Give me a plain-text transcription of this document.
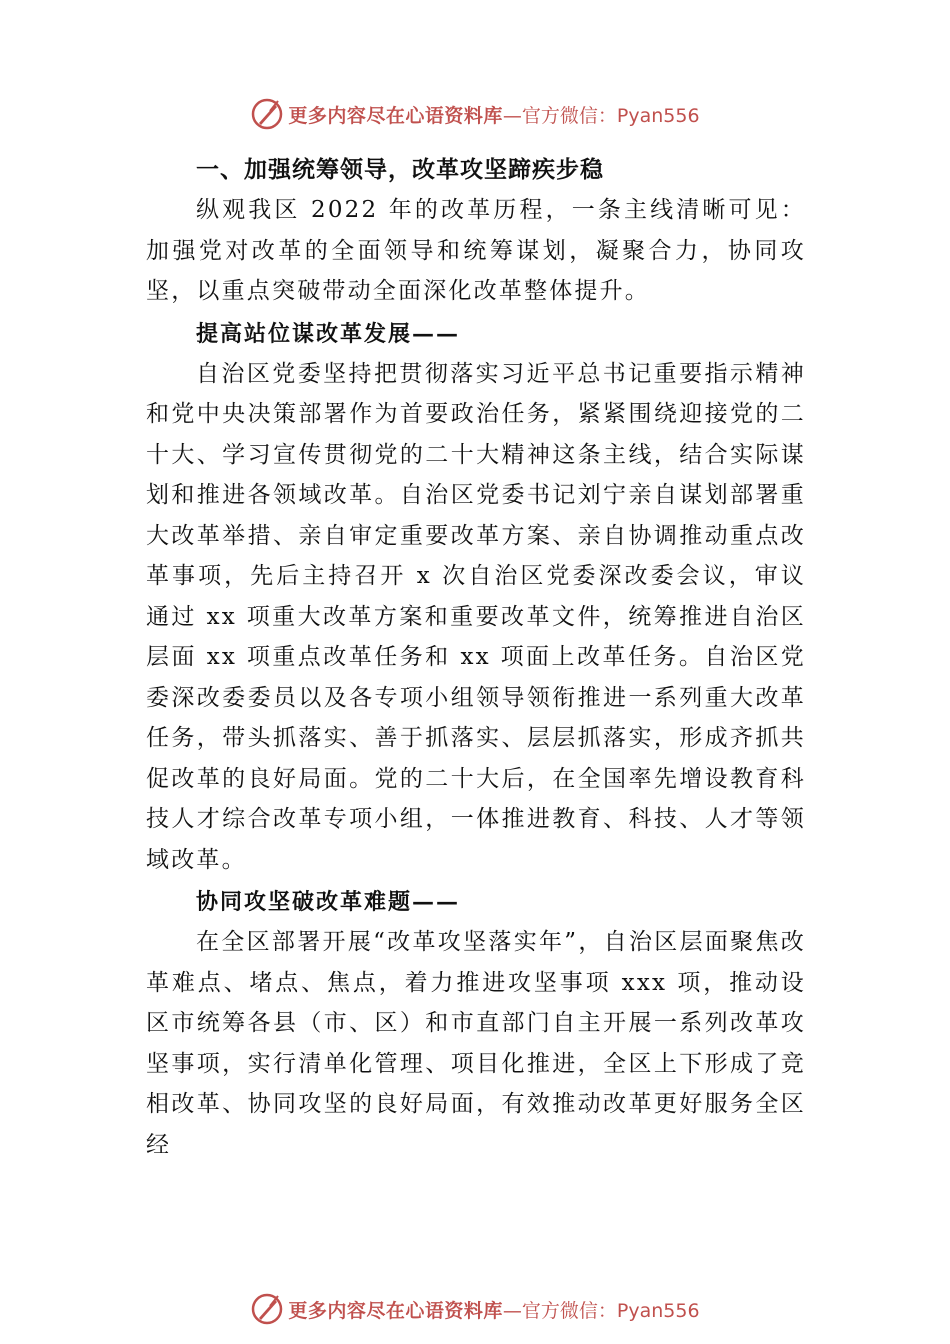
更多内容尽在心语资料库 —官方微信：Pyan556

一、加强统筹领导，改革攻坚蹄疾步稳

纵观我区 2022 年的改革历程，一条主线清晰可见：加强党对改革的全面领导和统筹谋划，凝聚合力，协同攻坚，以重点突破带动全面深化改革整体提升。

提高站位谋改革发展——

自治区党委坚持把贯彻落实习近平总书记重要指示精神和党中央决策部署作为首要政治任务，紧紧围绕迎接党的二十大、学习宣传贯彻党的二十大精神这条主线，结合实际谋划和推进各领域改革。自治区党委书记刘宁亲自谋划部署重大改革举措、亲自审定重要改革方案、亲自协调推动重点改革事项，先后主持召开 x 次自治区党委深改委会议，审议通过 xx 项重大改革方案和重要改革文件，统筹推进自治区层面 xx 项重点改革任务和 xx 项面上改革任务。自治区党委深改委委员以及各专项小组领导领衔推进一系列重大改革 任务，带头抓落实、善于抓落实、层层抓落实，形成齐抓共促改革的良好局面。党的二十大后，在全国率先增设教育科技人才综合改革专项小组，一体推进教育、科技、人才等领域改革。

协同攻坚破改革难题——

在全区部署开展“改革攻坚落实年”，自治区层面聚焦改革难点、堵点、焦点，着力推进攻坚事项 xxx 项，推动设区市统筹各县（市、区）和市直部门自主开展一系列改革攻坚事项，实行清单化管理、项目化推进，全区上下形成了竞相改革、协同攻坚的良好局面，有效推动改革更好服务全区经

更多内容尽在心语资料库 —官方微信：Pyan556
